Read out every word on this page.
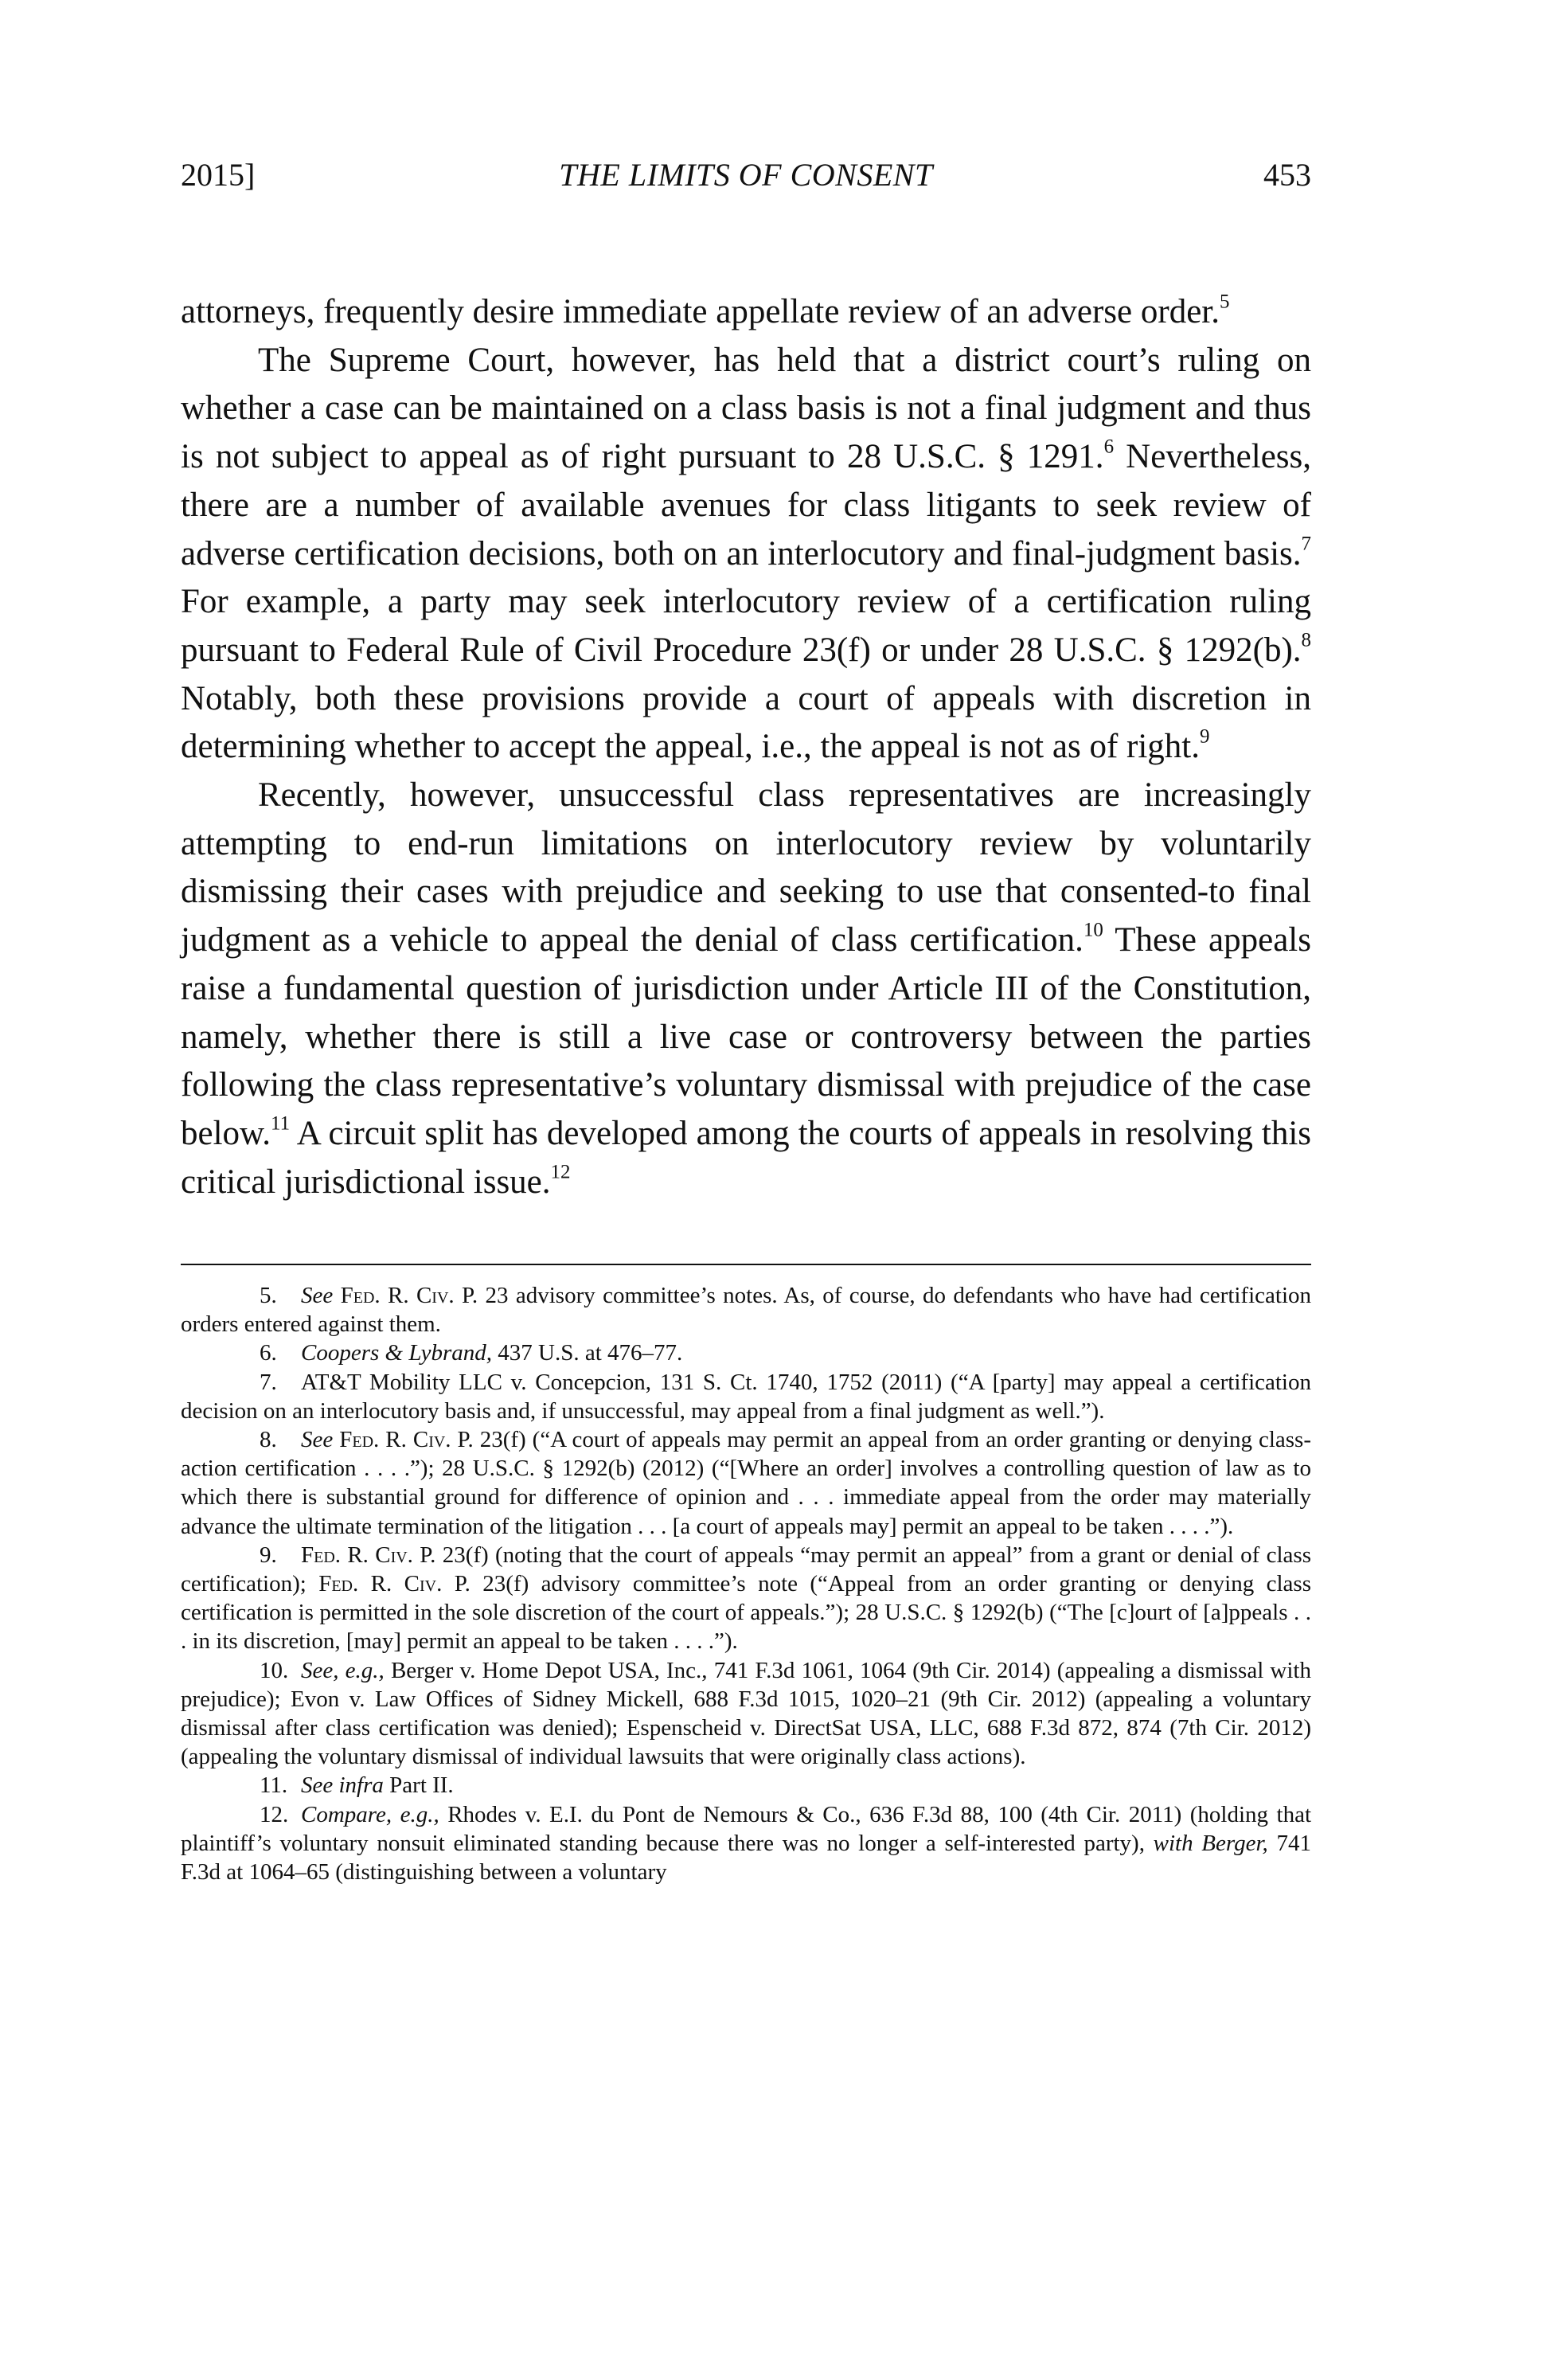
2015]	THE LIMITS OF CONSENT	453

attorneys, frequently desire immediate appellate review of an adverse order.$^5$

The Supreme Court, however, has held that a district court’s ruling on whether a case can be maintained on a class basis is not a final judgment and thus is not subject to appeal as of right pursuant to 28 U.S.C. § 1291.$^6$ Nevertheless, there are a number of available avenues for class litigants to seek review of adverse certification decisions, both on an interlocutory and final-judgment basis.$^7$ For example, a party may seek interlocutory review of a certification ruling pursuant to Federal Rule of Civil Procedure 23(f) or under 28 U.S.C. § 1292(b).$^8$ Notably, both these provisions provide a court of appeals with discretion in determining whether to accept the appeal, i.e., the appeal is not as of right.$^9$

Recently, however, unsuccessful class representatives are increasingly attempting to end-run limitations on interlocutory review by voluntarily dismissing their cases with prejudice and seeking to use that consented-to final judgment as a vehicle to appeal the denial of class certification.$^{10}$ These appeals raise a fundamental question of jurisdiction under Article III of the Constitution, namely, whether there is still a live case or controversy between the parties following the class representative’s voluntary dismissal with prejudice of the case below.$^{11}$ A circuit split has developed among the courts of appeals in resolving this critical jurisdictional issue.$^{12}$

5. See Fed. R. Civ. P. 23 advisory committee’s notes. As, of course, do defendants who have had certification orders entered against them.

6. Coopers & Lybrand, 437 U.S. at 476–77.

7. AT&T Mobility LLC v. Concepcion, 131 S. Ct. 1740, 1752 (2011) (“A [party] may appeal a certification decision on an interlocutory basis and, if unsuccessful, may appeal from a final judgment as well.”).

8. See Fed. R. Civ. P. 23(f) (“A court of appeals may permit an appeal from an order granting or denying class-action certification . . . .”); 28 U.S.C. § 1292(b) (2012) (“[Where an order] involves a controlling question of law as to which there is substantial ground for difference of opinion and . . . immediate appeal from the order may materially advance the ultimate termination of the litigation . . . [a court of appeals may] permit an appeal to be taken . . . .”).

9. Fed. R. Civ. P. 23(f) (noting that the court of appeals “may permit an appeal” from a grant or denial of class certification); Fed. R. Civ. P. 23(f) advisory committee’s note (“Appeal from an order granting or denying class certification is permitted in the sole discretion of the court of appeals.”); 28 U.S.C. § 1292(b) (“The [c]ourt of [a]ppeals . . . in its discretion, [may] permit an appeal to be taken . . . .”).

10. See, e.g., Berger v. Home Depot USA, Inc., 741 F.3d 1061, 1064 (9th Cir. 2014) (appealing a dismissal with prejudice); Evon v. Law Offices of Sidney Mickell, 688 F.3d 1015, 1020–21 (9th Cir. 2012) (appealing a voluntary dismissal after class certification was denied); Espenscheid v. DirectSat USA, LLC, 688 F.3d 872, 874 (7th Cir. 2012) (appealing the voluntary dismissal of individual lawsuits that were originally class actions).

11. See infra Part II.

12. Compare, e.g., Rhodes v. E.I. du Pont de Nemours & Co., 636 F.3d 88, 100 (4th Cir. 2011) (holding that plaintiff’s voluntary nonsuit eliminated standing because there was no longer a self-interested party), with Berger, 741 F.3d at 1064–65 (distinguishing between a voluntary
